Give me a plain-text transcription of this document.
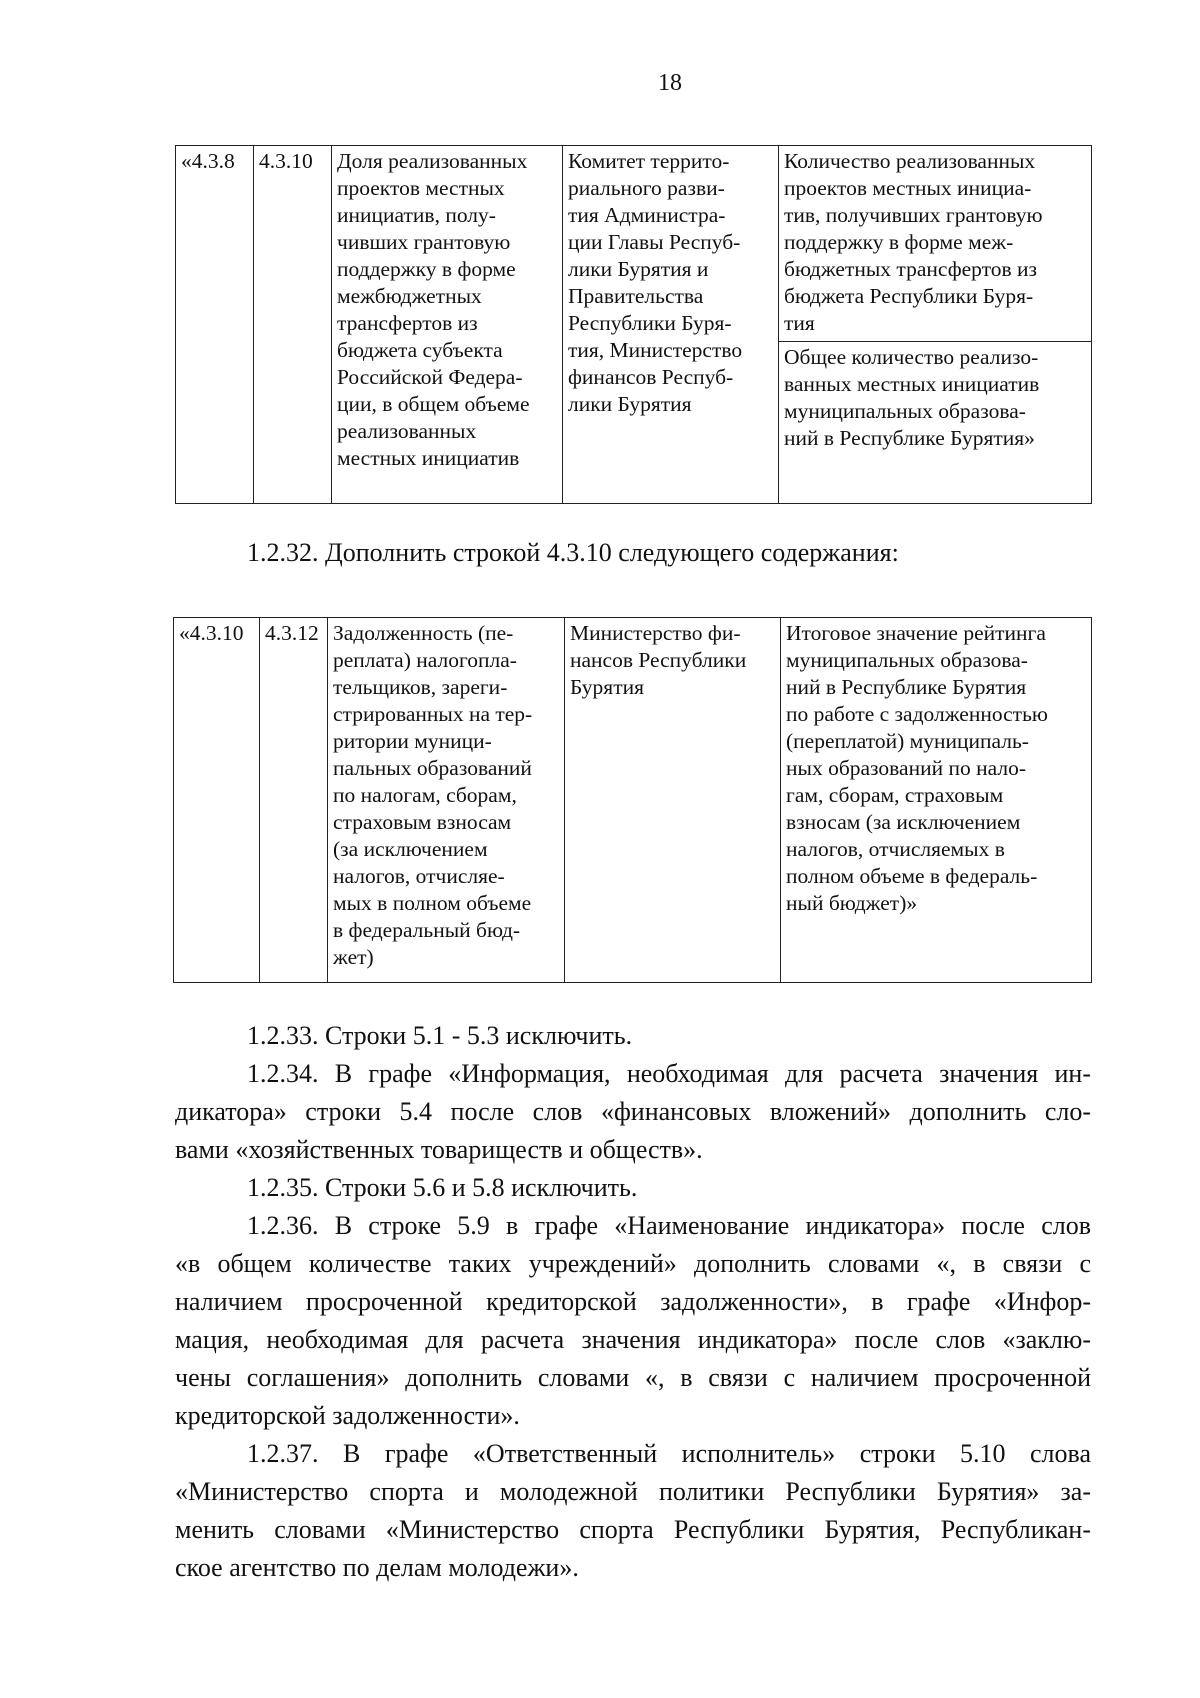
18
«4.3.8	4.3.10	Доля реализованных
проектов местных
инициатив, полу-
чивших грантовую
поддержку в форме
межбюджетных
трансфертов из
бюджета субъекта
Российской Федера-
ции, в общем объеме
реализованных
местных инициатив	Комитет террито-
риального разви-
тия Администра-
ции Главы Респуб-
лики Бурятия и
Правительства
Республики Буря-
тия, Министерство
финансов Респуб-
лики Бурятия	Количество реализованных
проектов местных инициа-
тив, получивших грантовую
поддержку в форме меж-
бюджетных трансфертов из
бюджета Республики Буря-
тия
Общее количество реализо-
ванных местных инициатив
муниципальных образова-
ний в Республике Бурятия»
1.2.32. Дополнить строкой 4.3.10 следующего содержания:
«4.3.10	4.3.12	Задолженность (пе-
реплата) налогопла-
тельщиков, зареги-
стрированных на тер-
ритории муници-
пальных образований
по налогам, сборам,
страховым взносам
(за исключением
налогов, отчисляе-
мых в полном объеме
в федеральный бюд-
жет)	Министерство фи-
нансов Республики
Бурятия	Итоговое значение рейтинга
муниципальных образова-
ний в Республике Бурятия
по работе с задолженностью
(переплатой) муниципаль-
ных образований по нало-
гам, сборам, страховым
взносам (за исключением
налогов, отчисляемых в
полном объеме в федераль-
ный бюджет)»
1.2.33. Строки 5.1 - 5.3 исключить.
1.2.34. В графе «Информация, необходимая для расчета значения ин-
дикатора» строки 5.4 после слов «финансовых вложений» дополнить сло-
вами «хозяйственных товариществ и обществ».
1.2.35. Строки 5.6 и 5.8 исключить.
1.2.36. В строке 5.9 в графе «Наименование индикатора» после слов
«в общем количестве таких учреждений» дополнить словами «, в связи с
наличием просроченной кредиторской задолженности», в графе «Инфор-
мация, необходимая для расчета значения индикатора» после слов «заклю-
чены соглашения» дополнить словами «, в связи с наличием просроченной
кредиторской задолженности».
1.2.37. В графе «Ответственный исполнитель» строки 5.10 слова
«Министерство спорта и молодежной политики Республики Бурятия» за-
менить словами «Министерство спорта Республики Бурятия, Республикан-
ское агентство по делам молодежи».
